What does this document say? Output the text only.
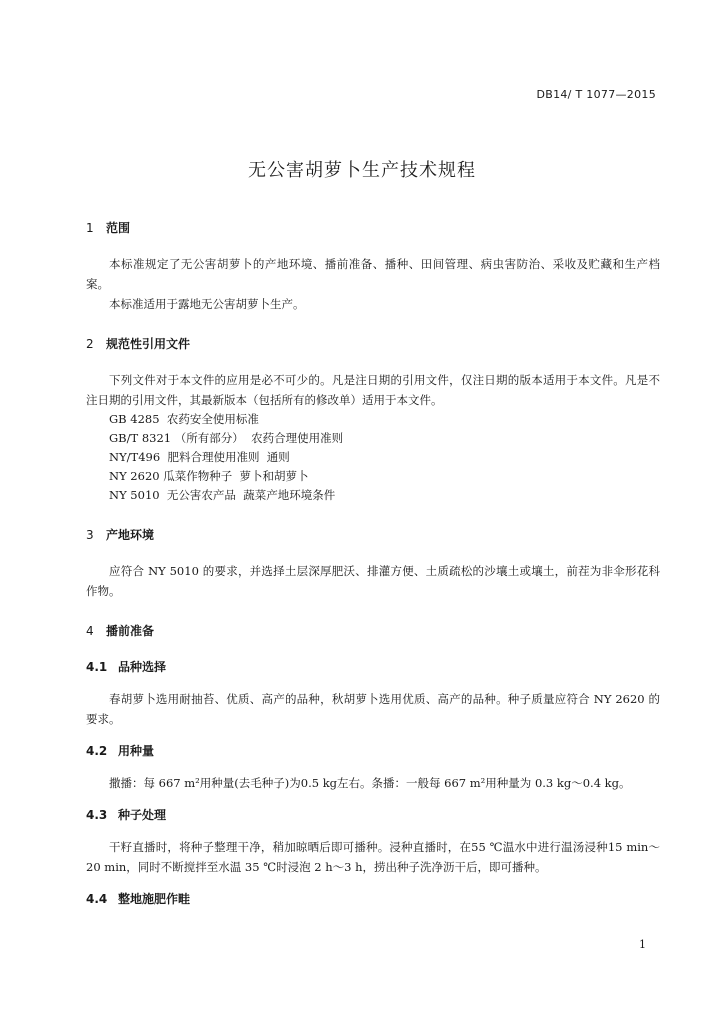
DB14/ T 1077—2015
无公害胡萝卜生产技术规程
1 范围

本标准规定了无公害胡萝卜的产地环境、播前准备、播种、田间管理、病虫害防治、采收及贮藏和生产档案。

本标准适用于露地无公害胡萝卜生产。

2 规范性引用文件

下列文件对于本文件的应用是必不可少的。凡是注日期的引用文件，仅注日期的版本适用于本文件。凡是不注日期的引用文件，其最新版本（包括所有的修改单）适用于本文件。

GB 4285  农药安全使用标准
GB/T 8321 （所有部分）  农药合理使用准则
NY/T496  肥料合理使用准则  通则
NY 2620 瓜菜作物种子  萝卜和胡萝卜
NY 5010  无公害农产品  蔬菜产地环境条件
3 产地环境

应符合 NY 5010 的要求，并选择土层深厚肥沃、排灌方便、土质疏松的沙壤土或壤土，前茬为非伞形花科作物。

4 播前准备
4.1 品种选择

春胡萝卜选用耐抽苔、优质、高产的品种，秋胡萝卜选用优质、高产的品种。种子质量应符合 NY 2620 的要求。

4.2 用种量

撒播：每 667 m²用种量(去毛种子)为0.5 kg左右。条播：一般每 667 m²用种量为 0.3 kg～0.4 kg。

4.3 种子处理

干籽直播时，将种子整理干净，稍加晾晒后即可播种。浸种直播时，在55 ℃温水中进行温汤浸种15 min～20 min，同时不断搅拌至水温 35 ℃时浸泡 2 h～3 h，捞出种子洗净沥干后，即可播种。

4.4 整地施肥作畦
1
